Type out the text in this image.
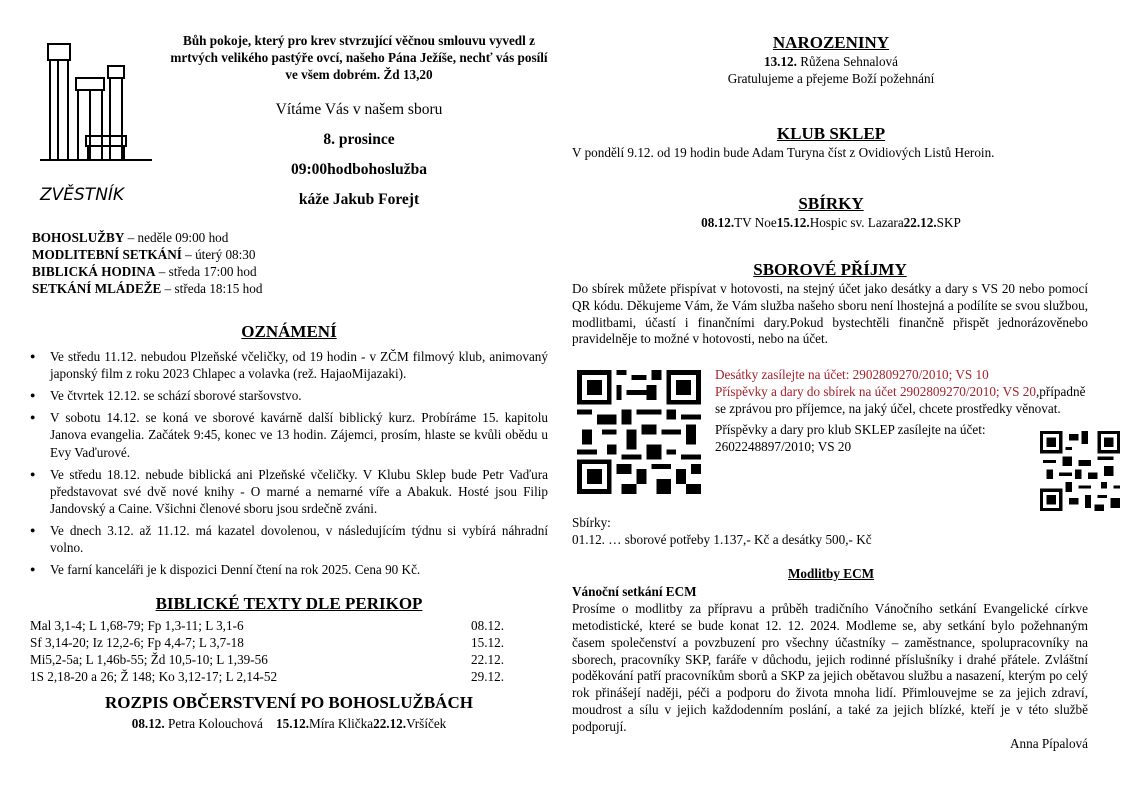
ZVĚSTNÍK
Bůh pokoje, který pro krev stvrzující věčnou smlouvu vyvedl z mrtvých velikého pastýře ovcí, našeho Pána Ježíše, nechť vás posílí ve všem dobrém. Žd 13,20
Vítáme Vás v našem sboru
8. prosince
09:00hodbohoslužba
káže Jakub Forejt
BOHOSLUŽBY – neděle 09:00 hod
MODLITEBNÍ SETKÁNÍ – úterý 08:30
BIBLICKÁ HODINA – středa 17:00 hod
SETKÁNÍ MLÁDEŽE – středa 18:15 hod
OZNÁMENÍ
● Ve středu 11.12. nebudou Plzeňské včeličky, od 19 hodin - v ZČM filmový klub, animovaný japonský film z roku 2023 Chlapec a volavka (rež. HajaoMijazaki).
● Ve čtvrtek 12.12. se schází sborové staršovstvo.
● V sobotu 14.12. se koná ve sborové kavárně další biblický kurz. Probíráme 15. kapitolu Janova evangelia. Začátek 9:45, konec ve 13 hodin. Zájemci, prosím, hlaste se kvůli obědu u Evy Vaďurové.
● Ve středu 18.12. nebude biblická ani Plzeňské včeličky. V Klubu Sklep bude Petr Vaďura představovat své dvě nové knihy - O marné a nemarné víře a Abakuk. Hosté jsou Filip Jandovský a Caine. Všichni členové sboru jsou srdečně zváni.
● Ve dnech 3.12. až 11.12. má kazatel dovolenou, v následujícím týdnu si vybírá náhradní volno.
● Ve farní kanceláři je k dispozici Denní čtení na rok 2025. Cena 90 Kč.
BIBLICKÉ TEXTY DLE PERIKOP
Mal 3,1-4; L 1,68-79; Fp 1,3-11; L 3,1-6	08.12.
Sf 3,14-20; Iz 12,2-6; Fp 4,4-7; L 3,7-18	15.12.
Mi5,2-5a; L 1,46b-55; Žd 10,5-10; L 1,39-56	22.12.
1S 2,18-20 a 26; Ž 148; Ko 3,12-17; L 2,14-52	29.12.
ROZPIS OBČERSTVENÍ PO BOHOSLUŽBÁCH

08.12. Petra Kolouchová 15.12.Míra Klička22.12.Vršíček

NAROZENINY

13.12. Růžena Sehnalová

Gratulujeme a přejeme Boží požehnání

KLUB SKLEP

V pondělí 9.12. od 19 hodin bude Adam Turyna číst z Ovidiových Listů Heroin.

SBÍRKY

08.12.TV Noe15.12.Hospic sv. Lazara22.12.SKP

SBOROVÉ PŘÍJMY

Do sbírek můžete přispívat v hotovosti, na stejný účet jako desátky a dary s VS 20 nebo pomocí QR kódu. Děkujeme Vám, že Vám služba našeho sboru není lhostejná a podílíte se svou službou, modlitbami, účastí i finančními dary.Pokud bystechtěli finančně přispět jednorázověnebo pravidelněje to možné v hotovosti, nebo na účet.

Desátky zasílejte na účet: 2902809270/2010; VS 10

Příspěvky a dary do sbírek na účet 2902809270/2010; VS 20,případně se zprávou pro příjemce, na jaký účel, chcete prostředky věnovat.

Příspěvky a dary pro klub SKLEP zasílejte na účet: 2602248897/2010; VS 20

Sbírky:

01.12. … sborové potřeby 1.137,- Kč a desátky 500,- Kč

Modlitby ECM

Vánoční setkání ECM

Prosíme o modlitby za přípravu a průběh tradičního Vánočního setkání Evangelické církve metodistické, které se bude konat 12. 12. 2024. Modleme se, aby setkání bylo požehnaným časem společenství a povzbuzení pro všechny účastníky – zaměstnance, spolupracovníky na sborech, pracovníky SKP, faráře v důchodu, jejich rodinné příslušníky i drahé přátele. Zvláštní poděkování patří pracovníkům sborů a SKP za jejich obětavou službu a nasazení, kterým po celý rok přinášejí naději, péči a podporu do života mnoha lidí. Přimlouvejme se za jejich zdraví, moudrost a sílu v jejich každodenním poslání, a také za jejich blízké, kteří je v této službě podporují.

Anna Pípalová
